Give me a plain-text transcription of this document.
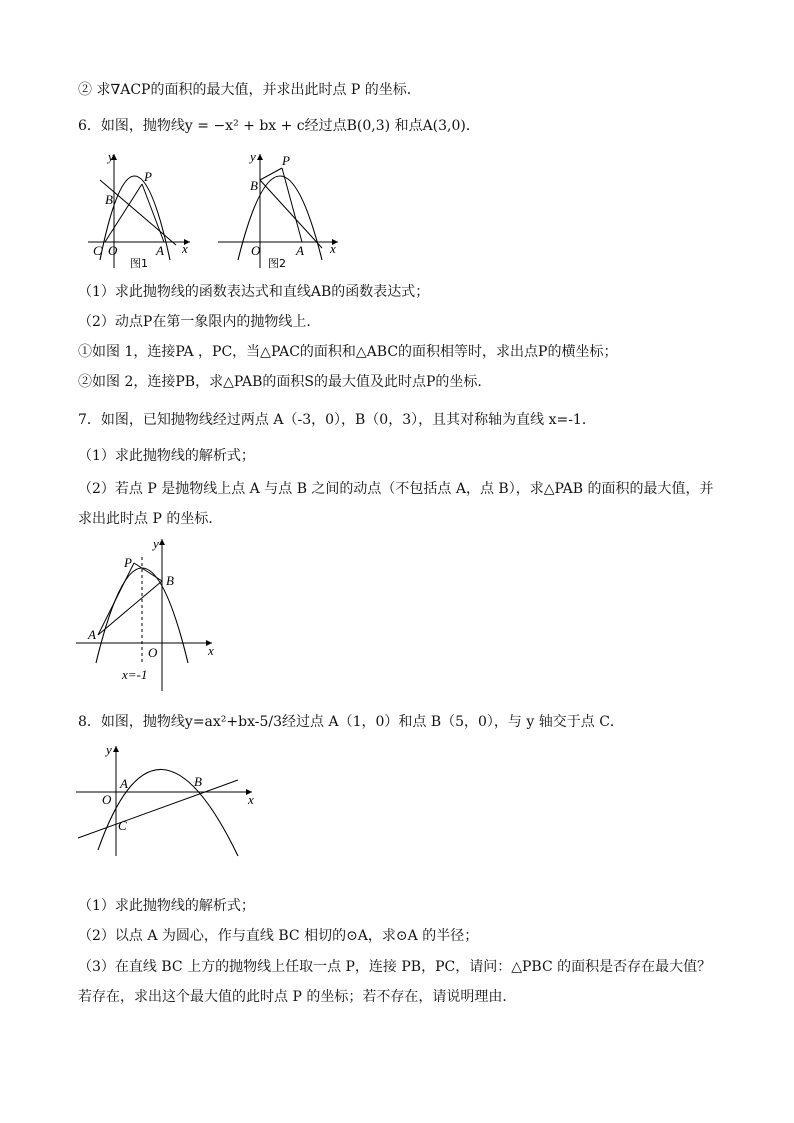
② 求∇ACP的面积的最大值，并求出此时点 P 的坐标．
6．如图，抛物线y = −x² + bx + c经过点B(0,3) 和点A(3,0)．
y
x
P
B
C O	A
图1
y
x
P
B
O	A
图2
（1）求此抛物线的函数表达式和直线AB的函数表达式；
（2）动点P在第一象限内的抛物线上.
①如图 1，连接PA ，PC，当△PAC的面积和△ABC的面积相等时，求出点P的横坐标；
②如图 2，连接PB，求△PAB的面积S的最大值及此时点P的坐标.
7．如图，已知抛物线经过两点 A（-3，0），B（0，3），且其对称轴为直线 x=-1．
（1）求此抛物线的解析式；
（2）若点 P 是抛物线上点 A 与点 B 之间的动点（不包括点 A，点 B），求△PAB 的面积的最大值，并求出此时点 P 的坐标．
y
x
P
B
A
O
x=-1
8．如图，抛物线y=ax²+bx-5/3经过点 A（1，0）和点 B（5，0），与 y 轴交于点 C．
y
x
A	B
O
C
（1）求此抛物线的解析式；
（2）以点 A 为圆心，作与直线 BC 相切的⊙A，求⊙A 的半径；
（3）在直线 BC 上方的抛物线上任取一点 P，连接 PB，PC，请问：△PBC 的面积是否存在最大值？若存在，求出这个最大值的此时点 P 的坐标；若不存在，请说明理由．
